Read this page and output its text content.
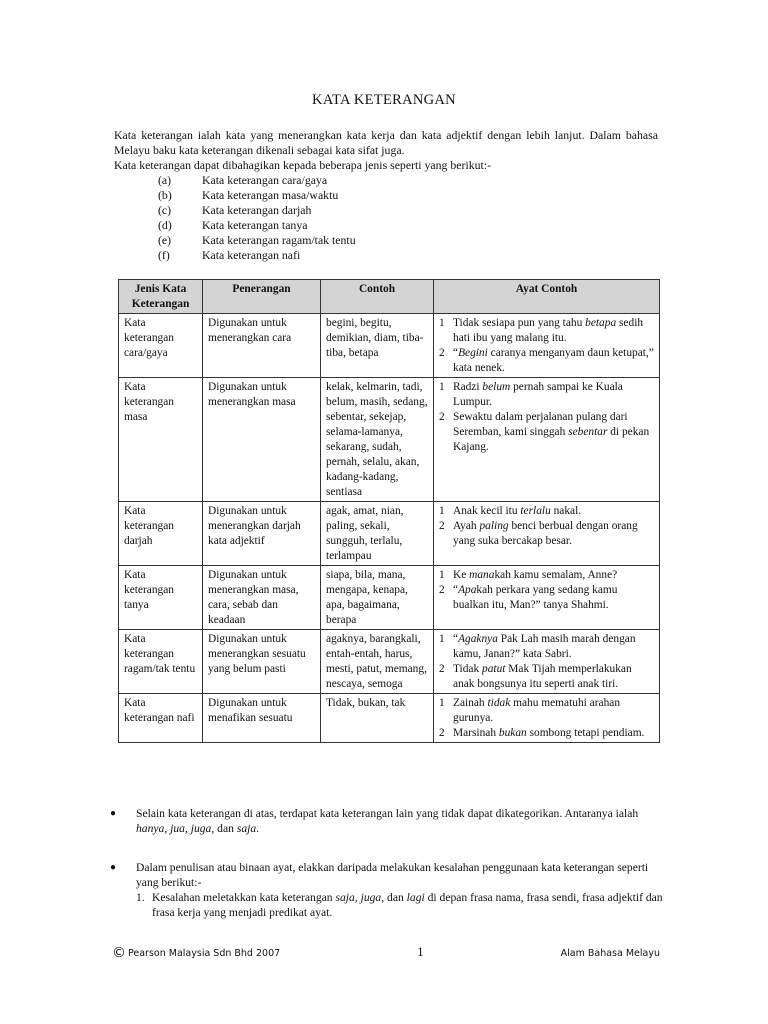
KATA KETERANGAN

Kata keterangan ialah kata yang menerangkan kata kerja dan kata adjektif dengan lebih lanjut. Dalam bahasa Melayu baku kata keterangan dikenali sebagai kata sifat juga.

Kata keterangan dapat dibahagikan kepada beberapa jenis seperti yang berikut:-

(a)	Kata keterangan cara/gaya
(b)	Kata keterangan masa/waktu
(c)	Kata keterangan darjah
(d)	Kata keterangan tanya
(e)	Kata keterangan ragam/tak tentu
(f)	Kata keterangan nafi
Jenis Kata Keterangan	Penerangan	Contoh	Ayat Contoh
Kata keterangan cara/gaya	Digunakan untuk menerangkan cara	begini, begitu, demikian, diam, tiba-tiba, betapa	1 Tidak sesiapa pun yang tahu betapa sedih hati ibu yang malang itu.
2 “Begini caranya menganyam daun ketupat,” kata nenek.

Kata keterangan masa	Digunakan untuk menerangkan masa	kelak, kelmarin, tadi, belum, masih, sedang, sebentar, sekejap, selama-lamanya, sekarang, sudah, pernah, selalu, akan, kadang-kadang, sentiasa	1 Radzi belum pernah sampai ke Kuala Lumpur.
2 Sewaktu dalam perjalanan pulang dari Seremban, kami singgah sebentar di pekan Kajang.

Kata keterangan darjah	Digunakan untuk menerangkan darjah kata adjektif	agak, amat, nian, paling, sekali, sungguh, terlalu, terlampau	1 Anak kecil itu terlalu nakal.
2 Ayah paling benci berbual dengan orang yang suka bercakap besar.

Kata keterangan tanya	Digunakan untuk menerangkan masa, cara, sebab dan keadaan	siapa, bila, mana, mengapa, kenapa, apa, bagaimana, berapa	1 Ke manakah kamu semalam, Anne?
2 “Apakah perkara yang sedang kamu bualkan itu, Man?” tanya Shahmi.

Kata keterangan ragam/tak tentu	Digunakan untuk menerangkan sesuatu yang belum pasti	agaknya, barangkali, entah-entah, harus, mesti, patut, memang, nescaya, semoga	1 “Agaknya Pak Lah masih marah dengan kamu, Janan?” kata Sabri.
2 Tidak patut Mak Tijah memperlakukan anak bongsunya itu seperti anak tiri.

Kata keterangan nafi	Digunakan untuk menafikan sesuatu	Tidak, bukan, tak	1 Zainah tidak mahu mematuhi arahan gurunya.
2 Marsinah bukan sombong tetapi pendiam.
●	Selain kata keterangan di atas, terdapat kata keterangan lain yang tidak dapat dikategorikan. Antaranya ialah hanya, jua, juga, dan saja.
●	Dalam penulisan atau binaan ayat, elakkan daripada melakukan kesalahan penggunaan kata keterangan seperti yang berikut:-
1. Kesalahan meletakkan kata keterangan saja, juga, dan lagi di depan frasa nama, frasa sendi, frasa adjektif dan frasa kerja yang menjadi predikat ayat.
© Pearson Malaysia Sdn Bhd 2007	1	Alam Bahasa Melayu
